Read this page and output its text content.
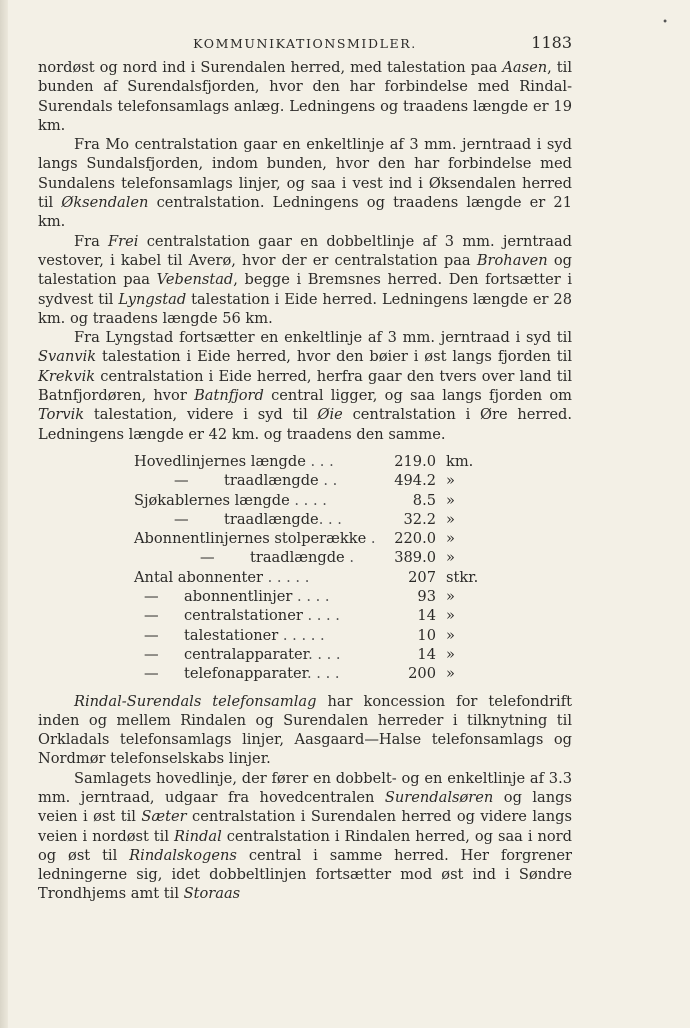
•
KOMMUNIKATIONSMIDLER.	1183

nordøst og nord ind i Surendalen herred, med talestation paa Aasen, til bunden af Surendalsfjorden, hvor den har forbindelse med Rindal-Surendals telefonsamlags anlæg. Ledningens og traadens længde er 19 km.

Fra Mo centralstation gaar en enkeltlinje af 3 mm. jerntraad i syd langs Sundalsfjorden, indom bunden, hvor den har forbindelse med Sundalens telefonsamlags linjer, og saa i vest ind i Øksendalen herred til Øksendalen centralstation. Ledningens og traadens længde er 21 km.

Fra Frei centralstation gaar en dobbeltlinje af 3 mm. jerntraad vestover, i kabel til Averø, hvor der er centralstation paa Brohaven og talestation paa Vebenstad, begge i Bremsnes herred. Den fortsætter i sydvest til Lyngstad talestation i Eide herred. Ledningens længde er 28 km. og traadens længde 56 km.

Fra Lyngstad fortsætter en enkeltlinje af 3 mm. jerntraad i syd til Svanvik talestation i Eide herred, hvor den bøier i øst langs fjorden til Krekvik centralstation i Eide herred, herfra gaar den tvers over land til Batnfjordøren, hvor Batnfjord central ligger, og saa langs fjorden om Torvik talestation, videre i syd til Øie centralstation i Øre herred. Ledningens længde er 42 km. og traadens den samme.

Hovedlinjernes længde . . .	219.0	km.
— traadlængde . .	494.2	»
Sjøkablernes længde . . . .	8.5	»
— traadlængde. . .	32.2	»
Abonnentlinjernes stolperække .	220.0	»
— traadlængde .	389.0	»
Antal abonnenter . . . . .	207	stkr.
— abonnentlinjer . . . .	93	»
— centralstationer . . . .	14	»
— talestationer . . . . .	10	»
— centralapparater. . . .	14	»
— telefonapparater. . . .	200	»

Rindal-Surendals telefonsamlag har koncession for telefondrift inden og mellem Rindalen og Surendalen herreder i tilknytning til Orkladals telefonsamlags linjer, Aasgaard—Halse telefonsamlags og Nordmør telefonselskabs linjer.

Samlagets hovedlinje, der fører en dobbelt- og en enkeltlinje af 3.3 mm. jerntraad, udgaar fra hovedcentralen Surendalsøren og langs veien i øst til Sæter centralstation i Surendalen herred og videre langs veien i nordøst til Rindal centralstation i Rindalen herred, og saa i nord og øst til Rindalskogens central i samme herred. Her forgrener ledningerne sig, idet dobbeltlinjen fortsætter mod øst ind i Søndre Trondhjems amt til Storaas
